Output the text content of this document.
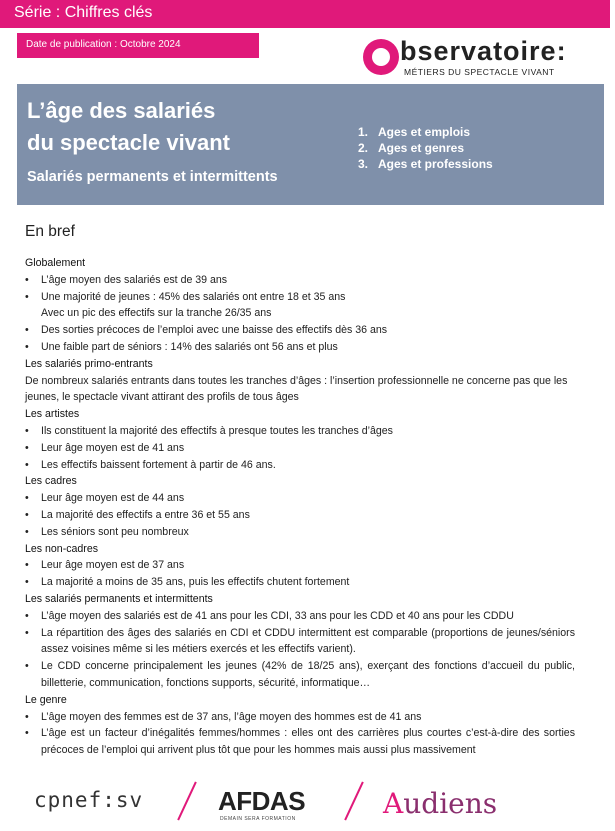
Série : Chiffres clés
Date de publication : Octobre 2024	bservatoire:
MÉTIERS DU SPECTACLE VIVANT
L’âge des salariés
du spectacle vivant
Salariés permanents et intermittents
1. Ages et emplois
2. Ages et genres
3. Ages et professions
En bref
Globalement
•	L’âge moyen des salariés est de 39 ans
•	Une majorité de jeunes : 45% des salariés ont entre 18 et 35 ans
Avec un pic des effectifs sur la tranche 26/35 ans
•	Des sorties précoces de l’emploi avec une baisse des effectifs dès 36 ans
•	Une faible part de séniors : 14% des salariés ont 56 ans et plus
Les salariés primo-entrants
De nombreux salariés entrants dans toutes les tranches d’âges : l’insertion professionnelle ne concerne pas que les jeunes, le spectacle vivant attirant des profils de tous âges
Les artistes
•	Ils constituent la majorité des effectifs à presque toutes les tranches d’âges
•	Leur âge moyen est de 41 ans
•	Les effectifs baissent fortement à partir de 46 ans.
Les cadres
•	Leur âge moyen est de 44 ans
•	La majorité des effectifs a entre 36 et 55 ans
•	Les séniors sont peu nombreux
Les non-cadres
•	Leur âge moyen est de 37 ans
•	La majorité a moins de 35 ans, puis les effectifs chutent fortement
Les salariés permanents et intermittents
•	L’âge moyen des salariés est de 41 ans pour les CDI, 33 ans pour les CDD et 40 ans pour les CDDU
•	La répartition des âges des salariés en CDI et CDDU intermittent est comparable (proportions de jeunes/séniors assez voisines même si les métiers exercés et les effectifs varient).
•	Le CDD concerne principalement les jeunes (42% de 18/25 ans), exerçant des fonctions d’accueil du public, billetterie, communication, fonctions supports, sécurité, informatique…
Le genre
•	L’âge moyen des femmes est de 37 ans, l’âge moyen des hommes est de 41 ans
•	L’âge est un facteur d’inégalités femmes/hommes : elles ont des carrières plus courtes c’est-à-dire des sorties précoces de l’emploi qui arrivent plus tôt que pour les hommes mais aussi plus massivement
cpnef:sv	AFDAS
DEMAIN SERA FORMATION	Audiens
